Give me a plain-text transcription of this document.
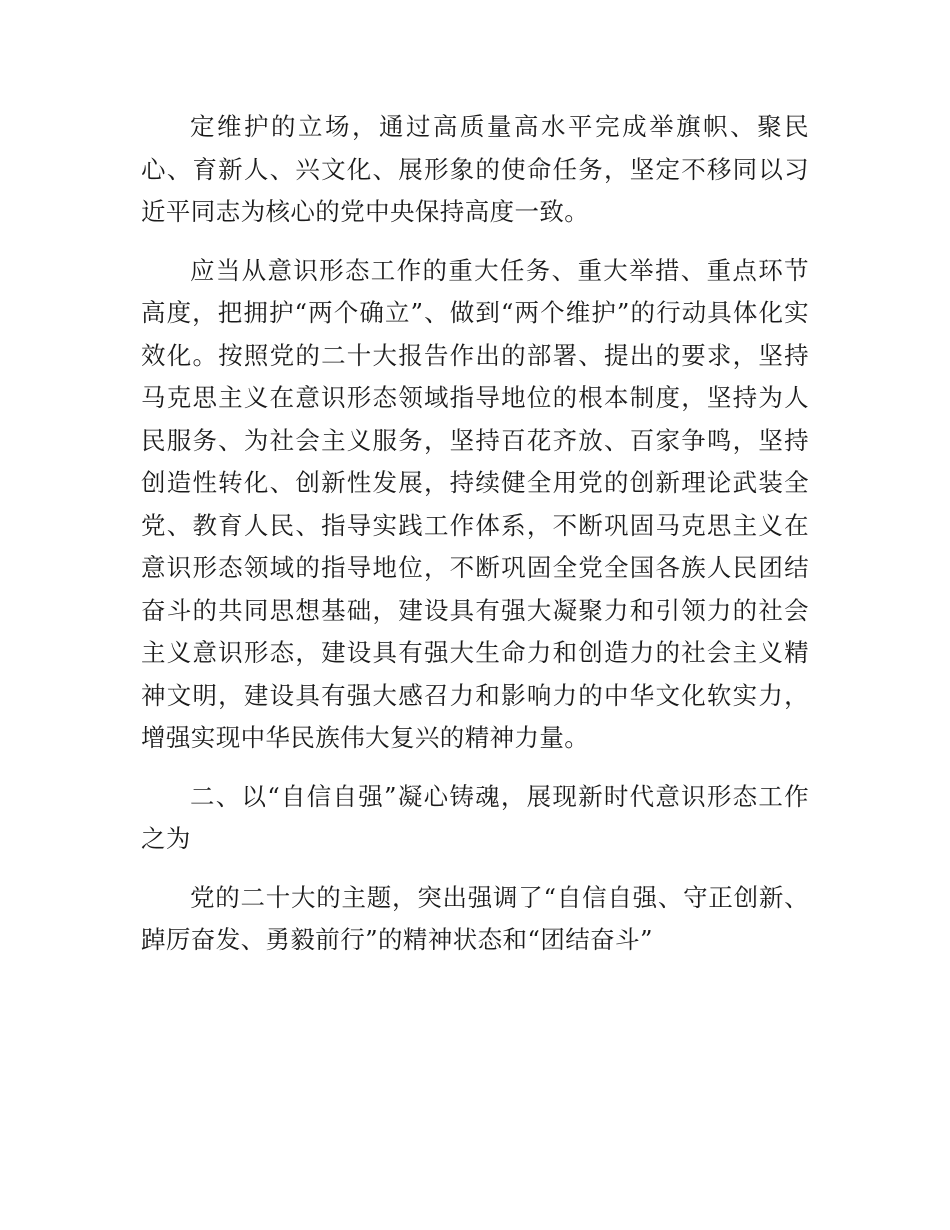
定维护的立场，通过高质量高水平完成举旗帜、聚民心、育新人、兴文化、展形象的使命任务，坚定不移同以习近平同志为核心的党中央保持高度一致。

应当从意识形态工作的重大任务、重大举措、重点环节高度，把拥护“两个确立”、做到“两个维护”的行动具体化实效化。按照党的二十大报告作出的部署、提出的要求，坚持马克思主义在意识形态领域指导地位的根本制度，坚持为人民服务、为社会主义服务，坚持百花齐放、百家争鸣，坚持创造性转化、创新性发展，持续健全用党的创新理论武装全党、教育人民、指导实践工作体系，不断巩固马克思主义在意识形态领域的指导地位，不断巩固全党全国各族人民团结奋斗的共同思想基础，建设具有强大凝聚力和引领力的社会主义意识形态，建设具有强大生命力和创造力的社会主义精神文明，建设具有强大感召力和影响力的中华文化软实力，增强实现中华民族伟大复兴的精神力量。

二、以“自信自强”凝心铸魂，展现新时代意识形态工作之为

党的二十大的主题，突出强调了“自信自强、守正创新、踔厉奋发、勇毅前行”的精神状态和“团结奋斗”
